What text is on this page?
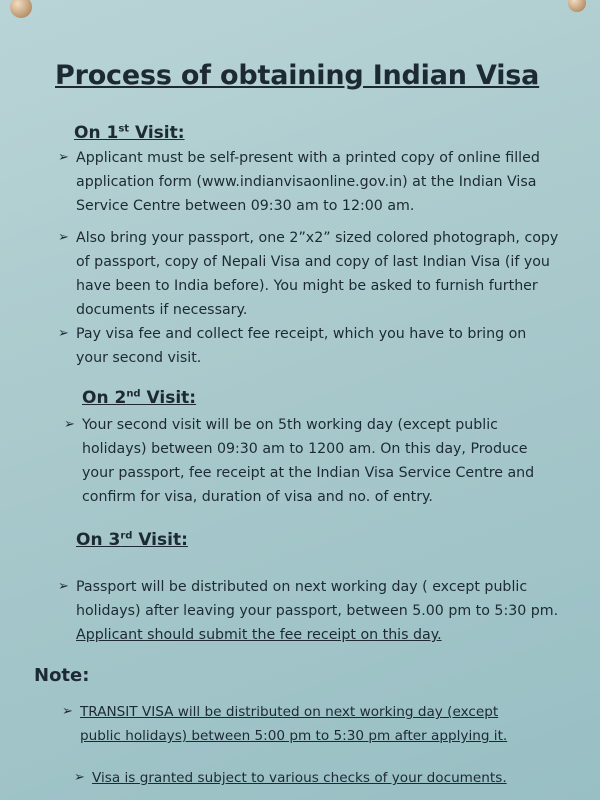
Process of obtaining Indian Visa
On 1st Visit:
➢ Applicant must be self-present with a printed copy of online filled
application form (www.indianvisaonline.gov.in) at the Indian Visa
Service Centre between 09:30 am to 12:00 am.
➢ Also bring your passport, one 2”x2” sized colored photograph, copy
of passport, copy of Nepali Visa and copy of last Indian Visa (if you
have been to India before). You might be asked to furnish further
documents if necessary.
➢ Pay visa fee and collect fee receipt, which you have to bring on
your second visit.
On 2nd Visit:
➢ Your second visit will be on 5th working day (except public
holidays) between 09:30 am to 1200 am. On this day, Produce
your passport, fee receipt at the Indian Visa Service Centre and
confirm for visa, duration of visa and no. of entry.
On 3rd Visit:
➢ Passport will be distributed on next working day ( except public
holidays) after leaving your passport, between 5.00 pm to 5:30 pm.
Applicant should submit the fee receipt on this day.
Note:
➢ TRANSIT VISA will be distributed on next working day (except
public holidays) between 5:00 pm to 5:30 pm after applying it.
➢ Visa is granted subject to various checks of your documents.
